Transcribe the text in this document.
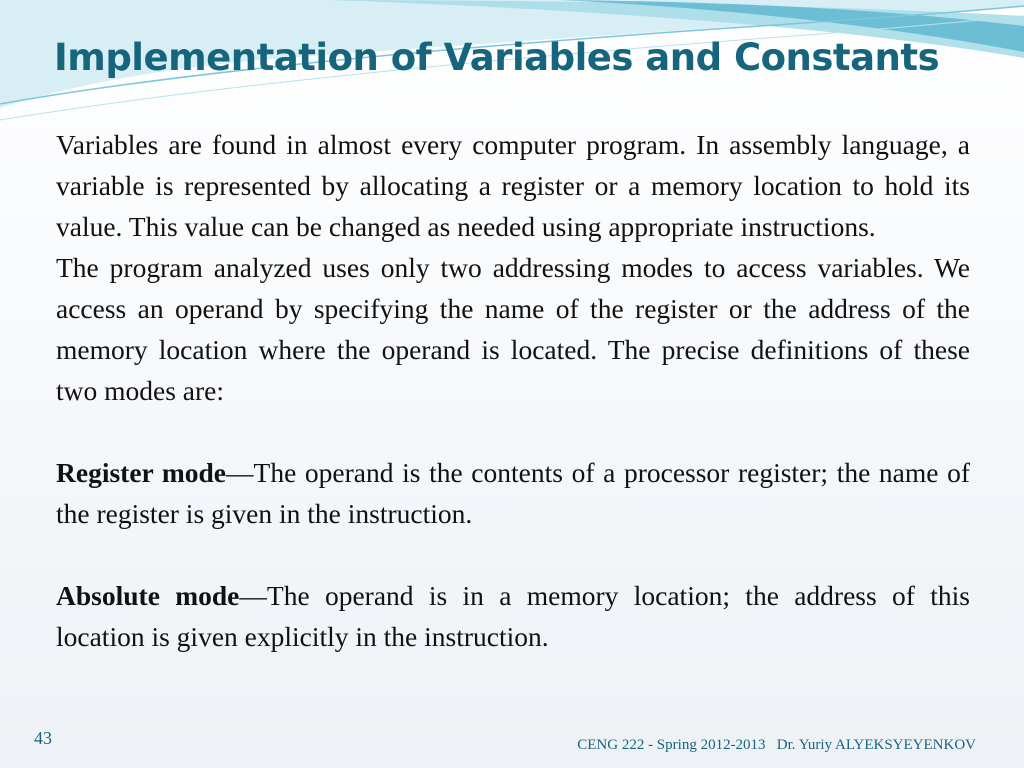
Implementation of Variables and Constants

Variables are found in almost every computer program. In assembly language, a variable is represented by allocating a register or a memory location to hold its value. This value can be changed as needed using appropriate instructions.

The program analyzed uses only two addressing modes to access variables. We access an operand by specifying the name of the register or the address of the memory location where the operand is located. The precise definitions of these two modes are:

Register mode—The operand is the contents of a processor register; the name of the register is given in the instruction.

Absolute mode—The operand is in a memory location; the address of this location is given explicitly in the instruction.

43	CENG 222 - Spring 2012-2013   Dr. Yuriy ALYEKSYEYENKOV
